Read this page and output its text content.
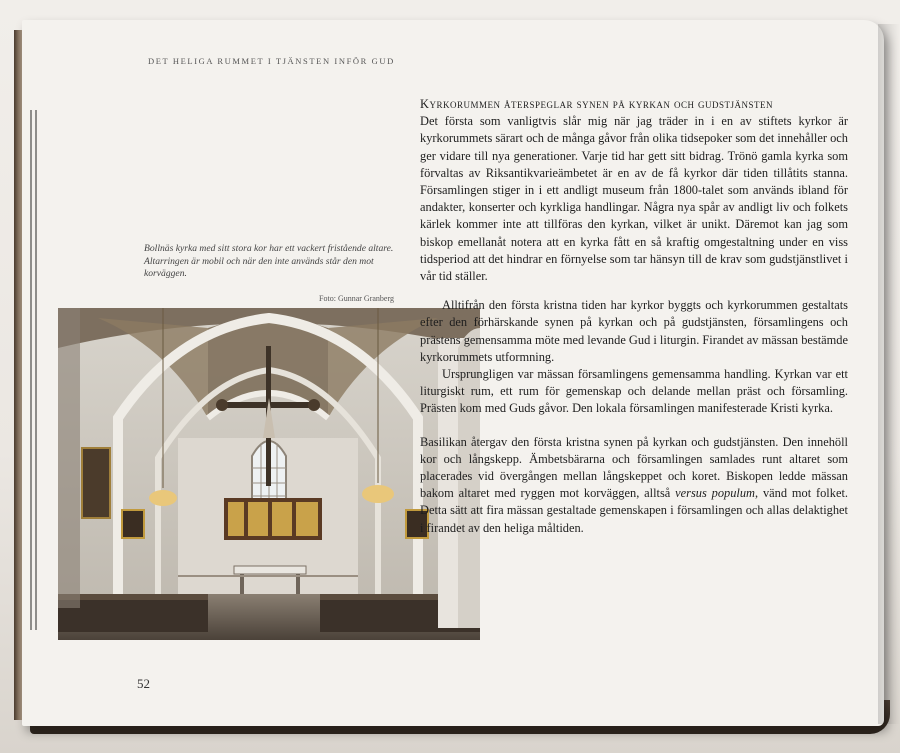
DET HELIGA RUMMET I TJÄNSTEN INFÖR GUD
Bollnäs kyrka med sitt stora kor har ett vackert fristående altare. Altarringen är mobil och när den inte används står den mot korväggen.
Foto: Gunnar Granberg

Kyrkorummen återspeglar synen på kyrkan och gudstjänsten

Det första som vanligtvis slår mig när jag träder in i en av stiftets kyrkor är kyrkorummets särart och de många gåvor från olika tidsepoker som det innehåller och ger vidare till nya generationer. Varje tid har gett sitt bidrag. Trönö gamla kyrka som förvaltas av Riksantikvarieämbetet är en av de få kyrkor där tiden tillåtits stanna. Församlingen stiger in i ett andligt museum från 1800-talet som används ibland för andakter, konserter och kyrkliga handlingar. Några nya spår av andligt liv och folkets kärlek kommer inte att tillföras den kyrkan, vilket är unikt. Däremot kan jag som biskop emellanåt notera att en kyrka fått en så kraftig omgestaltning under en viss tidsperiod att det hindrar en förnyelse som tar hänsyn till de krav som gudstjänstlivet i vår tid ställer.

Alltifrån den första kristna tiden har kyrkor byggts och kyrkorummen gestaltats efter den förhärskande synen på kyrkan och på gudstjänsten, församlingens och prästens gemensamma möte med levande Gud i liturgin. Firandet av mässan bestämde kyrkorummets utformning.

Ursprungligen var mässan församlingens gemensamma handling. Kyrkan var ett liturgiskt rum, ett rum för gemenskap och delande mellan präst och församling. Prästen kom med Guds gåvor. Den lokala församlingen manifesterade Kristi kyrka.

Basilikan återgav den första kristna synen på kyrkan och gudstjänsten. Den innehöll kor och långskepp. Ämbetsbärarna och församlingen samlades runt altaret som placerades vid övergången mellan långskeppet och koret. Biskopen ledde mässan bakom altaret med ryggen mot korväggen, alltså versus populum, vänd mot folket. Detta sätt att fira mässan gestaltade gemenskapen i församlingen och allas delaktighet i firandet av den heliga måltiden.

52
